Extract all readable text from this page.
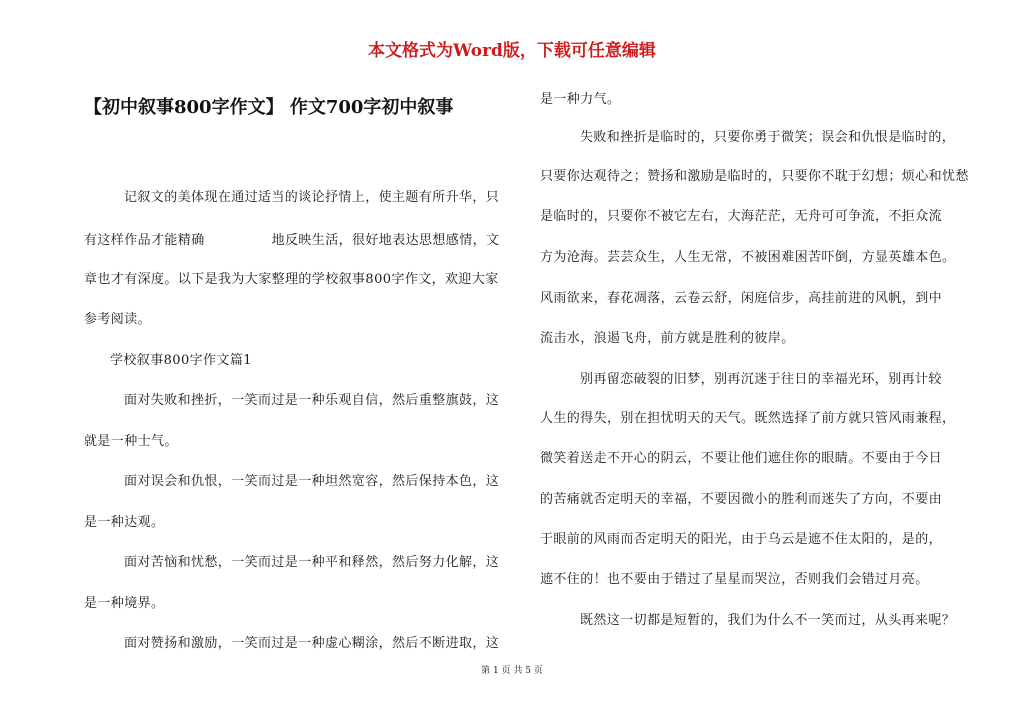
本文格式为Word版，下载可任意编辑
【初中叙事800字作文】 作文700字初中叙事
记叙文的美体现在通过适当的谈论抒情上，使主题有所升华，只
有这样作品才能精确　　　　　地反映生活，很好地表达思想感情，文
章也才有深度。以下是我为大家整理的学校叙事800字作文，欢迎大家
参考阅读。
学校叙事800字作文篇1
面对失败和挫折，一笑而过是一种乐观自信，然后重整旗鼓，这
就是一种士气。
面对误会和仇恨，一笑而过是一种坦然宽容，然后保持本色，这
是一种达观。
面对苦恼和忧愁，一笑而过是一种平和释然，然后努力化解，这
是一种境界。
面对赞扬和激励，一笑而过是一种虚心糊涂，然后不断进取，这
是一种力气。
失败和挫折是临时的，只要你勇于微笑；误会和仇恨是临时的，
只要你达观待之；赞扬和激励是临时的，只要你不耽于幻想；烦心和忧愁
是临时的，只要你不被它左右，大海茫茫，无舟可可争流，不拒众流
方为沧海。芸芸众生，人生无常，不被困难困苦吓倒，方显英雄本色。
风雨欲来，春花凋落，云卷云舒，闲庭信步，高挂前进的风帆，到中
流击水，浪遏飞舟，前方就是胜利的彼岸。
别再留恋破裂的旧梦，别再沉迷于往日的幸福光环，别再计较
人生的得失，别在担忧明天的天气。既然选择了前方就只管风雨兼程，
微笑着送走不开心的阴云，不要让他们遮住你的眼睛。不要由于今日
的苦痛就否定明天的幸福，不要因微小的胜利而迷失了方向，不要由
于眼前的风雨而否定明天的阳光，由于乌云是遮不住太阳的，是的，
遮不住的！也不要由于错过了星星而哭泣，否则我们会错过月亮。
既然这一切都是短暂的，我们为什么不一笑而过，从头再来呢？
第 1 页 共 5 页
